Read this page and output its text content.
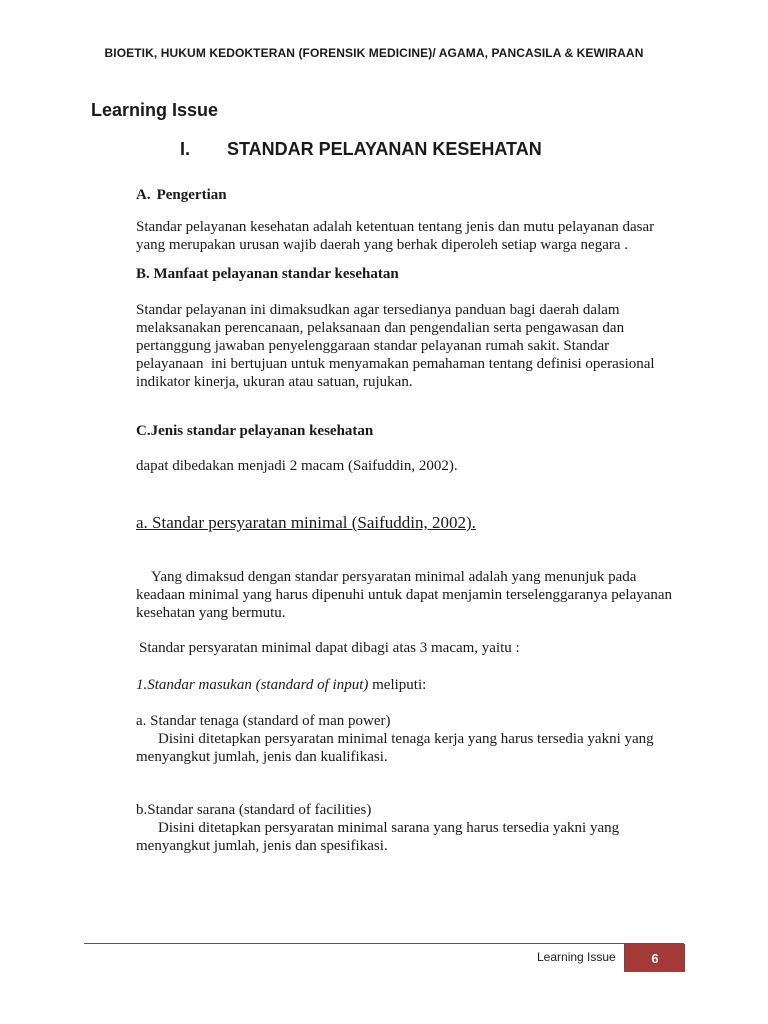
BIOETIK, HUKUM KEDOKTERAN (FORENSIK MEDICINE)/ AGAMA, PANCASILA & KEWIRAAN
Learning Issue
I. STANDAR PELAYANAN KESEHATAN
A. Pengertian
Standar pelayanan kesehatan adalah ketentuan tentang jenis dan mutu pelayanan dasar
yang merupakan urusan wajib daerah yang berhak diperoleh setiap warga negara .
B. Manfaat pelayanan standar kesehatan
Standar pelayanan ini dimaksudkan agar tersedianya panduan bagi daerah dalam
melaksanakan perencanaan, pelaksanaan dan pengendalian serta pengawasan dan
pertanggung jawaban penyelenggaraan standar pelayanan rumah sakit. Standar
pelayanaan  ini bertujuan untuk menyamakan pemahaman tentang definisi operasional
indikator kinerja, ukuran atau satuan, rujukan.
C.Jenis standar pelayanan kesehatan
dapat dibedakan menjadi 2 macam (Saifuddin, 2002).
a. Standar persyaratan minimal (Saifuddin, 2002).
Yang dimaksud dengan standar persyaratan minimal adalah yang menunjuk pada
keadaan minimal yang harus dipenuhi untuk dapat menjamin terselenggaranya pelayanan
kesehatan yang bermutu.
Standar persyaratan minimal dapat dibagi atas 3 macam, yaitu :
1.Standar masukan (standard of input) meliputi:
a. Standar tenaga (standard of man power)
Disini ditetapkan persyaratan minimal tenaga kerja yang harus tersedia yakni yang
menyangkut jumlah, jenis dan kualifikasi.
b.Standar sarana (standard of facilities)
Disini ditetapkan persyaratan minimal sarana yang harus tersedia yakni yang
menyangkut jumlah, jenis dan spesifikasi.
Learning Issue	6
